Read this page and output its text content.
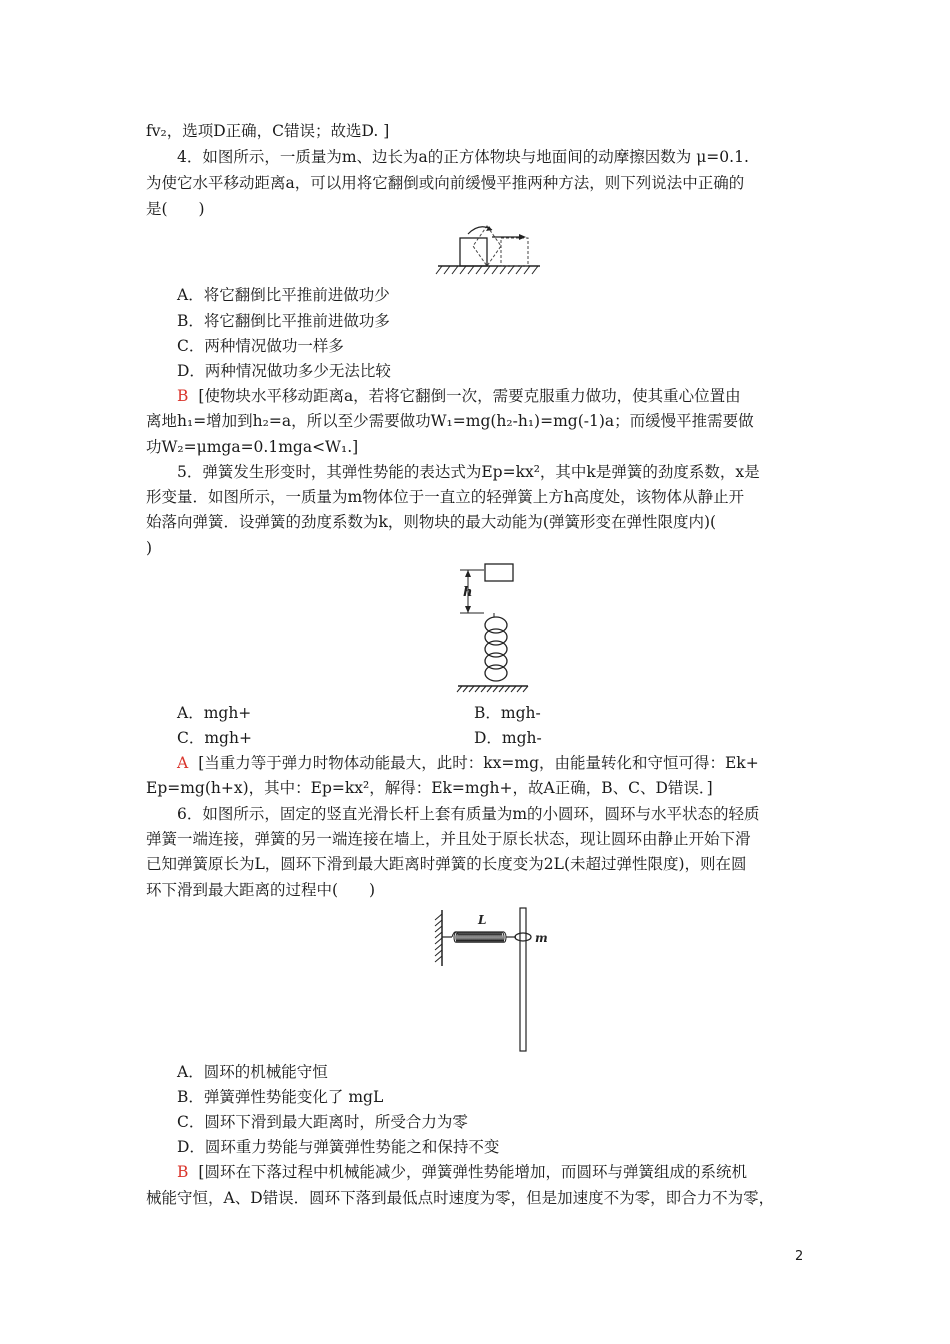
fv₂，选项D正确，C错误；故选D. ]
4．如图所示，一质量为m、边长为a的正方体物块与地面间的动摩擦因数为 μ=0.1.
为使它水平移动距离a，可以用将它翻倒或向前缓慢平推两种方法，则下列说法中正确的
是(　　)
A．将它翻倒比平推前进做功少
B．将它翻倒比平推前进做功多
C．两种情况做功一样多
D．两种情况做功多少无法比较
B [使物块水平移动距离a，若将它翻倒一次，需要克服重力做功，使其重心位置由
离地h₁=增加到h₂=a，所以至少需要做功W₁=mg(h₂-h₁)=mg(-1)a；而缓慢平推需要做
功W₂=μmga=0.1mga<W₁.]
5．弹簧发生形变时，其弹性势能的表达式为Ep=kx²，其中k是弹簧的劲度系数，x是
形变量．如图所示，一质量为m物体位于一直立的轻弹簧上方h高度处，该物体从静止开
始落向弹簧．设弹簧的劲度系数为k，则物块的最大动能为(弹簧形变在弹性限度内)(
)
h
A．mgh+	B．mgh-
C．mgh+	D．mgh-
A [当重力等于弹力时物体动能最大，此时：kx=mg，由能量转化和守恒可得：Ek+
Ep=mg(h+x)，其中：Ep=kx²，解得：Ek=mgh+，故A正确，B、C、D错误．]
6．如图所示，固定的竖直光滑长杆上套有质量为m的小圆环，圆环与水平状态的轻质
弹簧一端连接，弹簧的另一端连接在墙上，并且处于原长状态，现让圆环由静止开始下滑
已知弹簧原长为L，圆环下滑到最大距离时弹簧的长度变为2L(未超过弹性限度)，则在圆
环下滑到最大距离的过程中(　　)
L
m
A．圆环的机械能守恒
B．弹簧弹性势能变化了 mgL
C．圆环下滑到最大距离时，所受合力为零
D．圆环重力势能与弹簧弹性势能之和保持不变
B [圆环在下落过程中机械能减少，弹簧弹性势能增加，而圆环与弹簧组成的系统机
械能守恒，A、D错误．圆环下落到最低点时速度为零，但是加速度不为零，即合力不为零，
2
